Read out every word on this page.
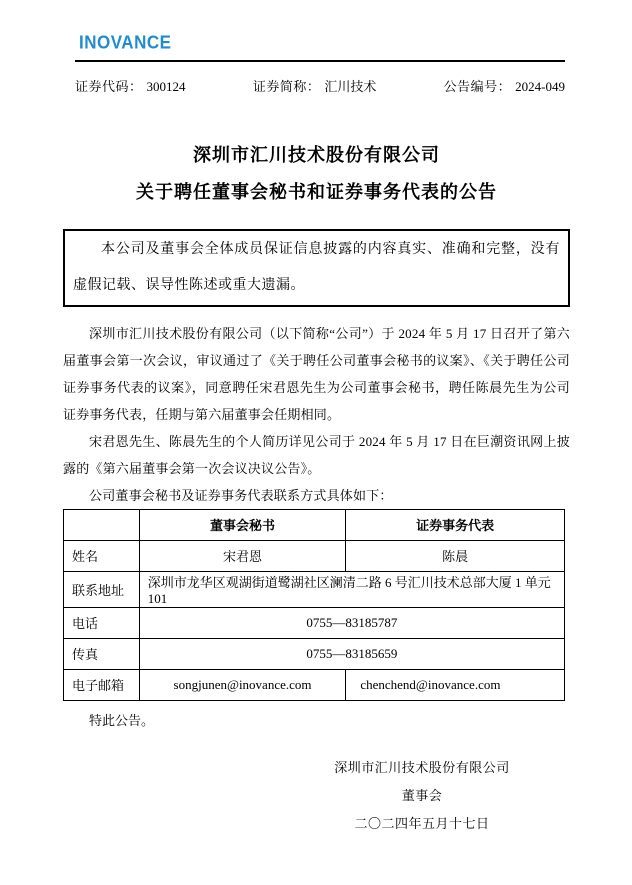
INOVANCE
证券代码： 300124	证券简称： 汇川技术	公告编号： 2024-049
深圳市汇川技术股份有限公司
关于聘任董事会秘书和证券事务代表的公告

本公司及董事会全体成员保证信息披露的内容真实、准确和完整，没有虚假记载、误导性陈述或重大遗漏。

深圳市汇川技术股份有限公司（以下简称“公司”）于 2024 年 5 月 17 日召开了第六届董事会第一次会议，审议通过了《关于聘任公司董事会秘书的议案》、《关于聘任公司证券事务代表的议案》，同意聘任宋君恩先生为公司董事会秘书，聘任陈晨先生为公司证券事务代表，任期与第六届董事会任期相同。

宋君恩先生、陈晨先生的个人简历详见公司于 2024 年 5 月 17 日在巨潮资讯网上披露的《第六届董事会第一次会议决议公告》。

公司董事会秘书及证券事务代表联系方式具体如下：

	董事会秘书	证券事务代表
姓名	宋君恩	陈晨
联系地址	深圳市龙华区观湖街道鹭湖社区澜清二路 6 号汇川技术总部大厦 1 单元 101	
电话	0755—83185787	
传真	0755—83185659	
电子邮箱	songjunen@inovance.com	chenchend@inovance.com
特此公告。
深圳市汇川技术股份有限公司
董事会
二〇二四年五月十七日
